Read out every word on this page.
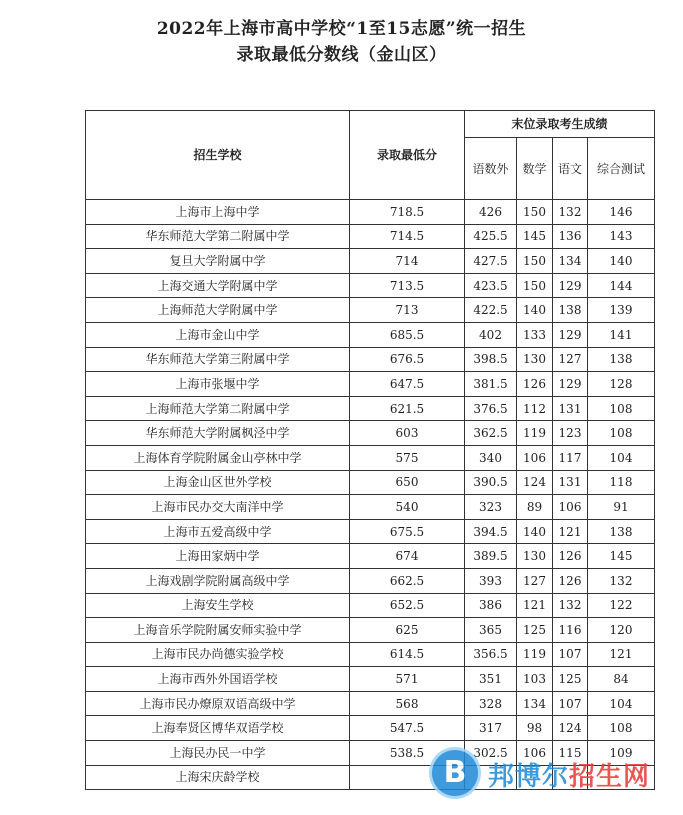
2022年上海市高中学校“1至15志愿”统一招生
录取最低分数线（金山区）
招生学校	录取最低分	末位录取考生成绩			
		语数外	数学	语文	综合测试
上海市上海中学	718.5	426	150	132	146
华东师范大学第二附属中学	714.5	425.5	145	136	143
复旦大学附属中学	714	427.5	150	134	140
上海交通大学附属中学	713.5	423.5	150	129	144
上海师范大学附属中学	713	422.5	140	138	139
上海市金山中学	685.5	402	133	129	141
华东师范大学第三附属中学	676.5	398.5	130	127	138
上海市张堰中学	647.5	381.5	126	129	128
上海师范大学第二附属中学	621.5	376.5	112	131	108
华东师范大学附属枫泾中学	603	362.5	119	123	108
上海体育学院附属金山亭林中学	575	340	106	117	104
上海金山区世外学校	650	390.5	124	131	118
上海市民办交大南洋中学	540	323	89	106	91
上海市五爱高级中学	675.5	394.5	140	121	138
上海田家炳中学	674	389.5	130	126	145
上海戏剧学院附属高级中学	662.5	393	127	126	132
上海安生学校	652.5	386	121	132	122
上海音乐学院附属安师实验中学	625	365	125	116	120
上海市民办尚德实验学校	614.5	356.5	119	107	121
上海市西外外国语学校	571	351	103	125	84
上海市民办燎原双语高级中学	568	328	134	107	104
上海奉贤区博华双语学校	547.5	317	98	124	108
上海民办民一中学	538.5	302.5	106	115	109
上海宋庆龄学校						B 邦博尔招生网
